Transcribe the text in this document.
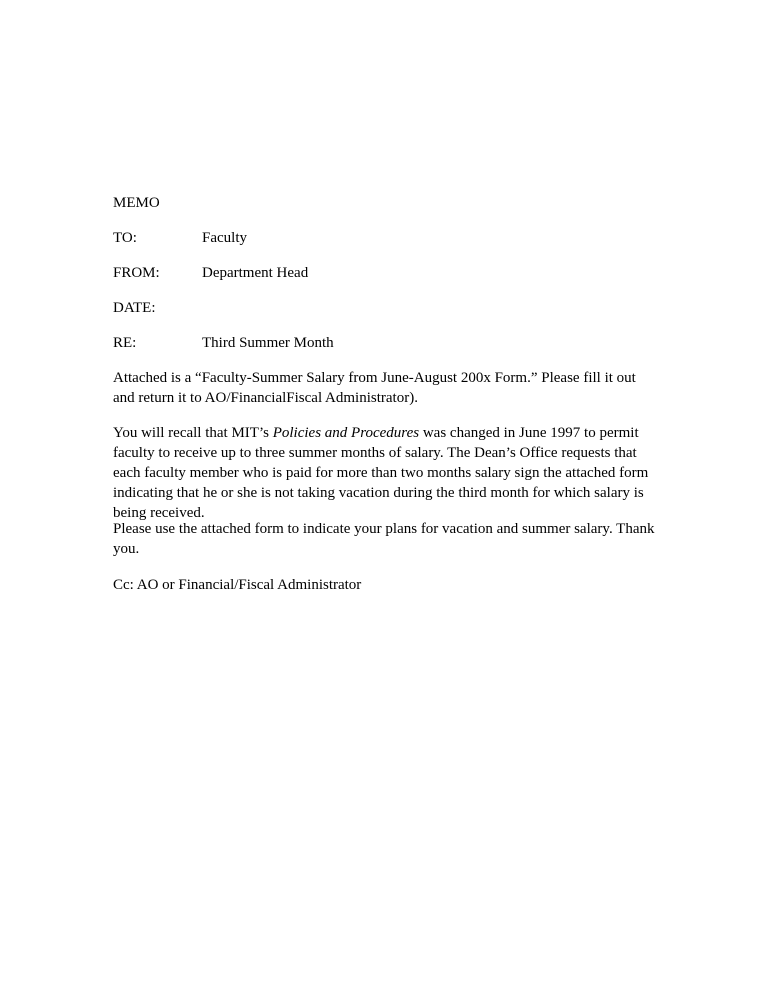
MEMO
TO:	Faculty
FROM:	Department Head
DATE:
RE:	Third Summer Month

Attached is a “Faculty-Summer Salary from June-August 200x Form.” Please fill it out and return it to AO/FinancialFiscal Administrator).

You will recall that MIT’s Policies and Procedures was changed in June 1997 to permit faculty to receive up to three summer months of salary. The Dean’s Office requests that each faculty member who is paid for more than two months salary sign the attached form indicating that he or she is not taking vacation during the third month for which salary is being received.

Please use the attached form to indicate your plans for vacation and summer salary. Thank you.

Cc: AO or Financial/Fiscal Administrator
